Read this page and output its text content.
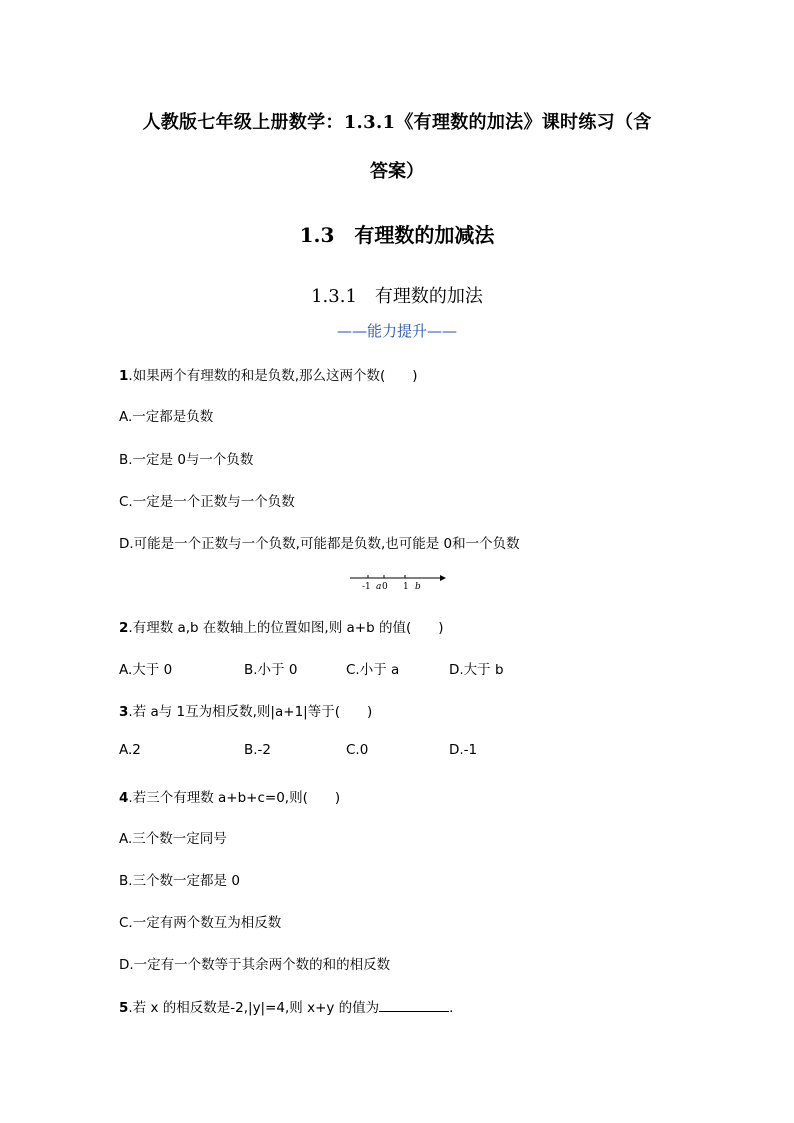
人教版七年级上册数学：1.3.1《有理数的加法》课时练习（含
答案）
1.3　有理数的加减法
1.3.1　有理数的加法
——能力提升——
1.如果两个有理数的和是负数,那么这两个数(　　)
A.一定都是负数
B.一定是 0与一个负数
C.一定是一个正数与一个负数
D.可能是一个正数与一个负数,可能都是负数,也可能是 0和一个负数
-1 a 0 1 b
2.有理数 a,b 在数轴上的位置如图,则 a+b 的值(　　)
A.大于 0	B.小于 0	C.小于 a	D.大于 b
3.若 a与 1互为相反数,则|a+1|等于(　　)
A.2	B.-2	C.0	D.-1
4.若三个有理数 a+b+c=0,则(　　)
A.三个数一定同号
B.三个数一定都是 0
C.一定有两个数互为相反数
D.一定有一个数等于其余两个数的和的相反数
5.若 x 的相反数是-2,|y|=4,则 x+y 的值为	.
